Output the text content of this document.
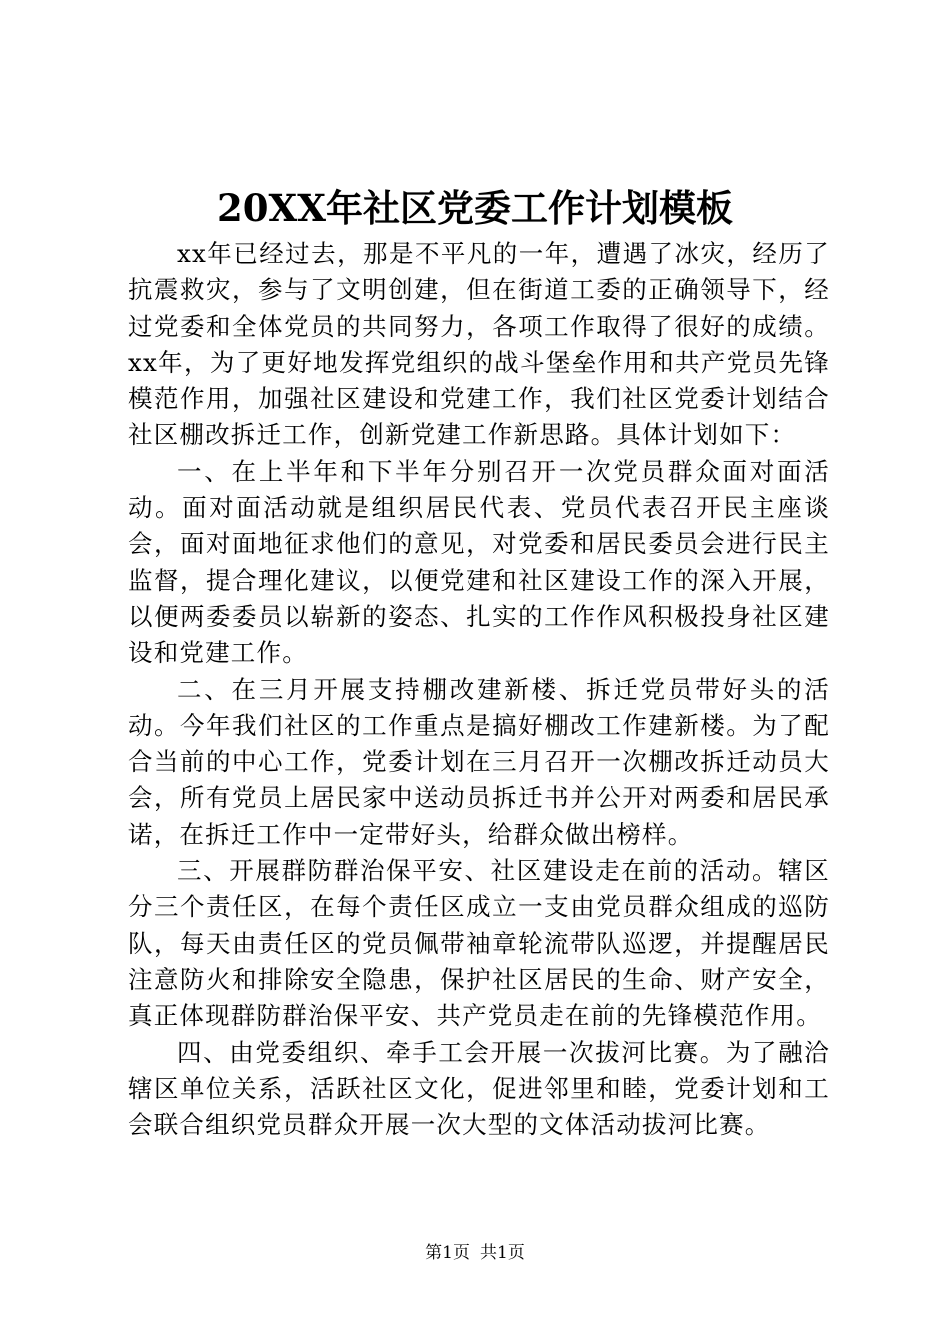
20XX年社区党委工作计划模板

xx年已经过去，那是不平凡的一年，遭遇了冰灾，经历了抗震救灾，参与了文明创建，但在街道工委的正确领导下，经过党委和全体党员的共同努力，各项工作取得了很好的成绩。xx年，为了更好地发挥党组织的战斗堡垒作用和共产党员先锋模范作用，加强社区建设和党建工作，我们社区党委计划结合社区棚改拆迁工作，创新党建工作新思路。具体计划如下：

一、在上半年和下半年分别召开一次党员群众面对面活动。面对面活动就是组织居民代表、党员代表召开民主座谈会，面对面地征求他们的意见，对党委和居民委员会进行民主监督，提合理化建议，以便党建和社区建设工作的深入开展，以便两委委员以崭新的姿态、扎实的工作作风积极投身社区建设和党建工作。

二、在三月开展支持棚改建新楼、拆迁党员带好头的活动。今年我们社区的工作重点是搞好棚改工作建新楼。为了配合当前的中心工作，党委计划在三月召开一次棚改拆迁动员大会，所有党员上居民家中送动员拆迁书并公开对两委和居民承诺，在拆迁工作中一定带好头，给群众做出榜样。

三、开展群防群治保平安、社区建设走在前的活动。辖区分三个责任区，在每个责任区成立一支由党员群众组成的巡防队，每天由责任区的党员佩带袖章轮流带队巡逻，并提醒居民注意防火和排除安全隐患，保护社区居民的生命、财产安全，真正体现群防群治保平安、共产党员走在前的先锋模范作用。

四、由党委组织、牵手工会开展一次拔河比赛。为了融洽辖区单位关系，活跃社区文化，促进邻里和睦，党委计划和工会联合组织党员群众开展一次大型的文体活动拔河比赛。

第1页 共1页
